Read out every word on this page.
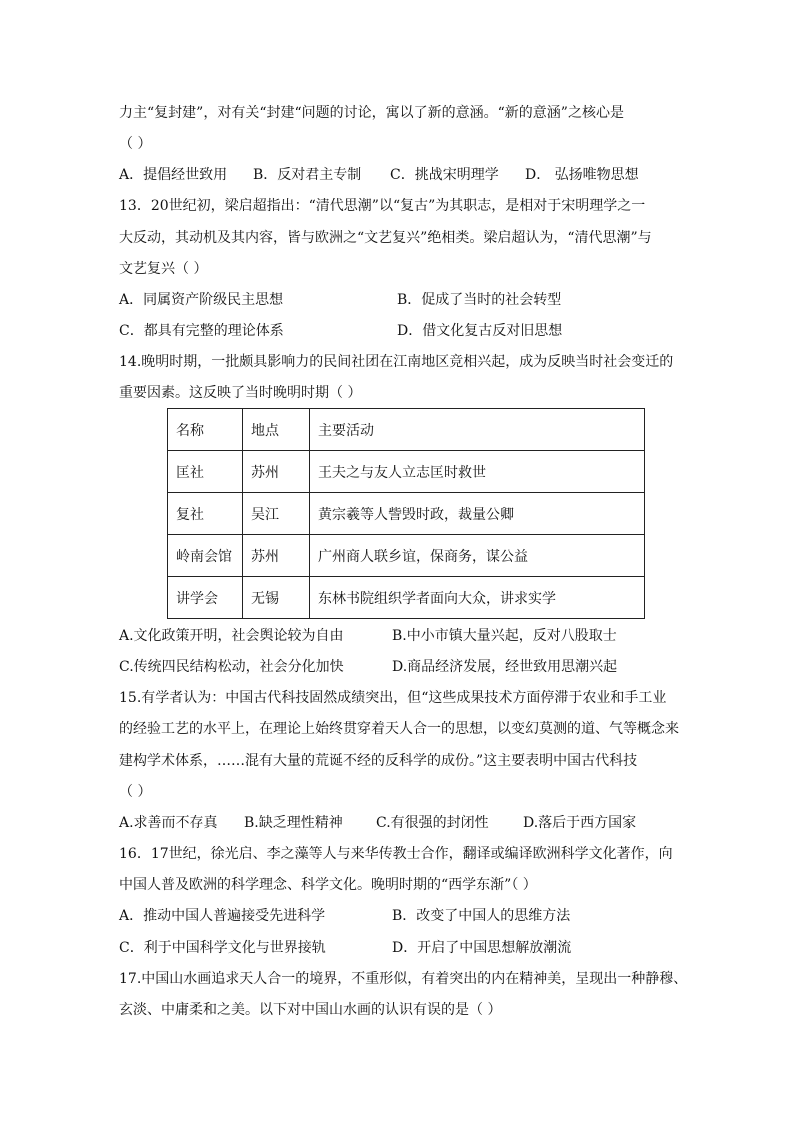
力主“复封建”，对有关“封建“问题的讨论，寓以了新的意涵。“新的意涵”之核心是
（ ）
A．提倡经世致用 B．反对君主专制 C．挑战宋明理学 D． 弘扬唯物思想
13．20世纪初，梁启超指出：“清代思潮”以“复古”为其职志，是相对于宋明理学之一
大反动，其动机及其内容，皆与欧洲之“文艺复兴”绝相类。梁启超认为，“清代思潮”与
文艺复兴（ ）
A．同属资产阶级民主思想	B．促成了当时的社会转型
C．都具有完整的理论体系	D．借文化复古反对旧思想
14.晚明时期，一批颇具影响力的民间社团在江南地区竞相兴起，成为反映当时社会变迁的
重要因素。这反映了当时晚明时期（ ）
名称	地点	主要活动
匡社	苏州	王夫之与友人立志匡时救世
复社	吴江	黄宗羲等人訾毁时政，裁量公卿
岭南会馆	苏州	广州商人联乡谊，保商务，谋公益
讲学会	无锡	东林书院组织学者面向大众，讲求实学
A.文化政策开明，社会舆论较为自由	B.中小市镇大量兴起，反对八股取士
C.传统四民结构松动，社会分化加快	D.商品经济发展，经世致用思潮兴起
15.有学者认为：中国古代科技固然成绩突出，但“这些成果技术方面停滞于农业和手工业
的经验工艺的水平上，在理论上始终贯穿着天人合一的思想，以变幻莫测的道、气等概念来
建构学术体系，……混有大量的荒诞不经的反科学的成份。”这主要表明中国古代科技
（ ）
A.求善而不存真 B.缺乏理性精神 C.有很强的封闭性 D.落后于西方国家
16．17世纪，徐光启、李之藻等人与来华传教士合作，翻译或编译欧洲科学文化著作，向
中国人普及欧洲的科学理念、科学文化。晚明时期的“西学东渐”（ ）
A．推动中国人普遍接受先进科学	B．改变了中国人的思维方法
C．利于中国科学文化与世界接轨	D．开启了中国思想解放潮流
17.中国山水画追求天人合一的境界，不重形似，有着突出的内在精神美，呈现出一种静穆、
玄淡、中庸柔和之美。以下对中国山水画的认识有误的是（ ）
